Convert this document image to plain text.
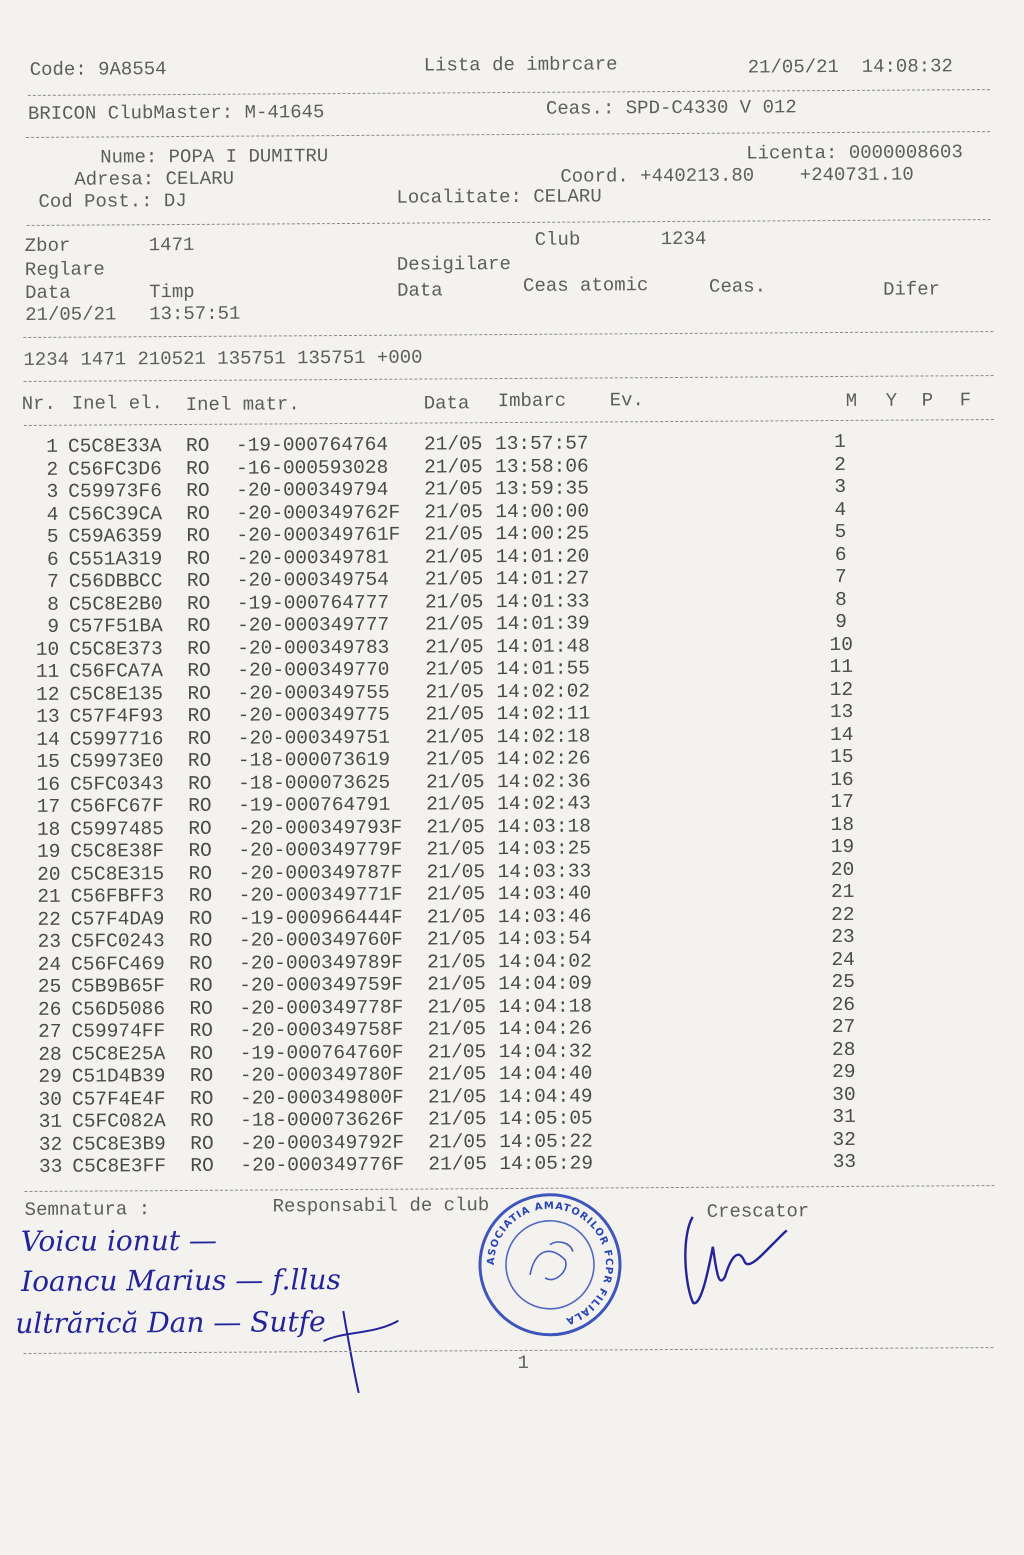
Code: 9A8554	Lista de imbrcare	21/05/21  14:08:32
BRICON ClubMaster: M-41645	Ceas.: SPD-C4330 V 012
Nume: POPA I DUMITRU	Licenta: 0000008603
Adresa: CELARU	Coord. +440213.80    +240731.10
Cod Post.: DJ	Localitate: CELARU
Zbor	1471	Club	1234
Reglare	Desigilare
Data	Timp	Data	Ceas atomic	Ceas.	Difer
21/05/21 13:57:51
1234 1471 210521 135751 135751 +000
Nr. Inel el. Inel matr.	Data Imbarc Ev.	M Y P F
1 C5C8E33A RO -19-000764764 21/05 13:57:57	1
2 C56FC3D6 RO -16-000593028 21/05 13:58:06	2
3 C59973F6 RO -20-000349794 21/05 13:59:35	3
4 C56C39CA RO -20-000349762F 21/05 14:00:00	4
5 C59A6359 RO -20-000349761F 21/05 14:00:25	5
6 C551A319 RO -20-000349781 21/05 14:01:20	6
7 C56DBBCC RO -20-000349754 21/05 14:01:27	7
8 C5C8E2B0 RO -19-000764777 21/05 14:01:33	8
9 C57F51BA RO -20-000349777 21/05 14:01:39	9
10 C5C8E373 RO -20-000349783 21/05 14:01:48	10
11 C56FCA7A RO -20-000349770 21/05 14:01:55	11
12 C5C8E135 RO -20-000349755 21/05 14:02:02	12
13 C57F4F93 RO -20-000349775 21/05 14:02:11	13
14 C5997716 RO -20-000349751 21/05 14:02:18	14
15 C59973E0 RO -18-000073619 21/05 14:02:26	15
16 C5FC0343 RO -18-000073625 21/05 14:02:36	16
17 C56FC67F RO -19-000764791 21/05 14:02:43	17
18 C5997485 RO -20-000349793F 21/05 14:03:18	18
19 C5C8E38F RO -20-000349779F 21/05 14:03:25	19
20 C5C8E315 RO -20-000349787F 21/05 14:03:33	20
21 C56FBFF3 RO -20-000349771F 21/05 14:03:40	21
22 C57F4DA9 RO -19-000966444F 21/05 14:03:46	22
23 C5FC0243 RO -20-000349760F 21/05 14:03:54	23
24 C56FC469 RO -20-000349789F 21/05 14:04:02	24
25 C5B9B65F RO -20-000349759F 21/05 14:04:09	25
26 C56D5086 RO -20-000349778F 21/05 14:04:18	26
27 C59974FF RO -20-000349758F 21/05 14:04:26	27
28 C5C8E25A RO -19-000764760F 21/05 14:04:32	28
29 C51D4B39 RO -20-000349780F 21/05 14:04:40	29
30 C57F4E4F RO -20-000349800F 21/05 14:04:49	30
31 C5FC082A RO -18-000073626F 21/05 14:05:05	31
32 C5C8E3B9 RO -20-000349792F 21/05 14:05:22	32
33 C5C8E3FF RO -20-000349776F 21/05 14:05:29	33
Semnatura :	Responsabil de club	Crescator
Voicu ionut —
Ioancu Marius — f.llus
ultrărică Dan — Sutfe
ASOCIATIA AMATORILOR FCPR FILIALA
1
